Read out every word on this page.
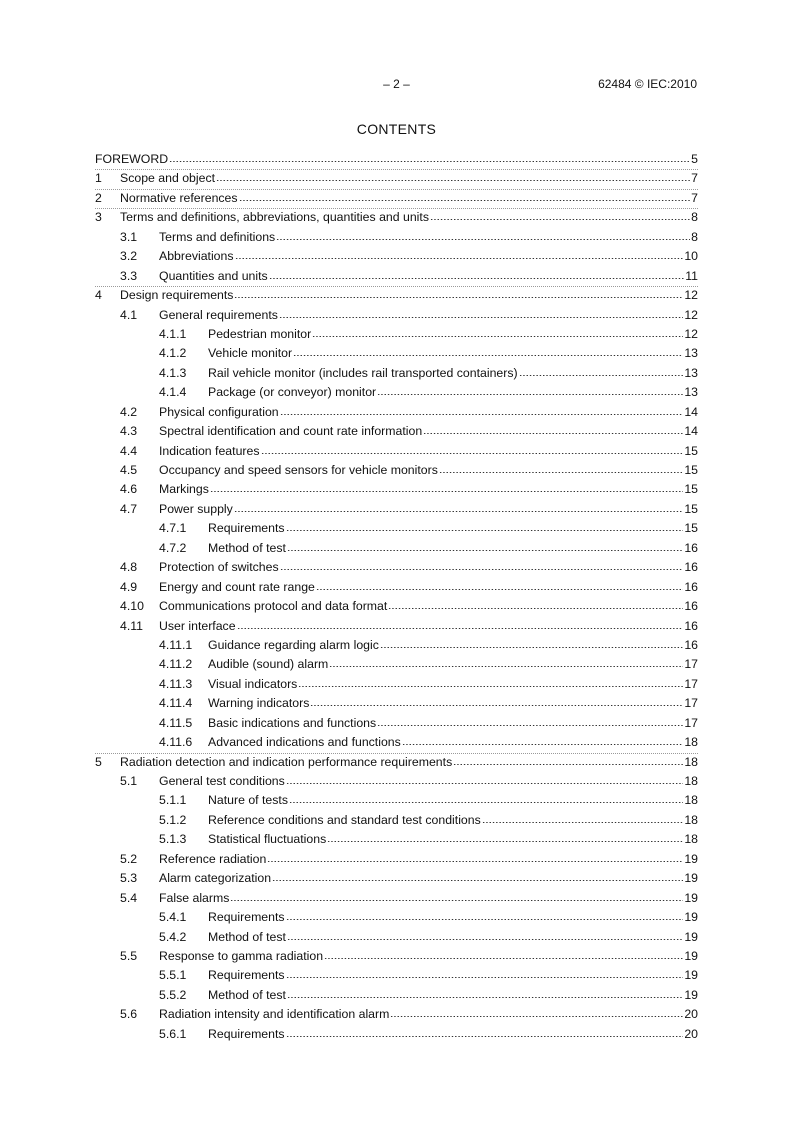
– 2 –	62484 © IEC:2010
CONTENTS
FOREWORD	5
1	Scope and object	7
2	Normative references	7
3	Terms and definitions, abbreviations, quantities and units	8
3.1	Terms and definitions	8
3.2	Abbreviations	10
3.3	Quantities and units	11
4	Design requirements	12
4.1	General requirements	12
4.1.1	Pedestrian monitor	12
4.1.2	Vehicle monitor	13
4.1.3	Rail vehicle monitor (includes rail transported containers)	13
4.1.4	Package (or conveyor) monitor	13
4.2	Physical configuration	14
4.3	Spectral identification and count rate information	14
4.4	Indication features	15
4.5	Occupancy and speed sensors for vehicle monitors	15
4.6	Markings	15
4.7	Power supply	15
4.7.1	Requirements	15
4.7.2	Method of test	16
4.8	Protection of switches	16
4.9	Energy and count rate range	16
4.10	Communications protocol and data format	16
4.11	User interface	16
4.11.1	Guidance regarding alarm logic	16
4.11.2	Audible (sound) alarm	17
4.11.3	Visual indicators	17
4.11.4	Warning indicators	17
4.11.5	Basic indications and functions	17
4.11.6	Advanced indications and functions	18
5	Radiation detection and indication performance requirements	18
5.1	General test conditions	18
5.1.1	Nature of tests	18
5.1.2	Reference conditions and standard test conditions	18
5.1.3	Statistical fluctuations	18
5.2	Reference radiation	19
5.3	Alarm categorization	19
5.4	False alarms	19
5.4.1	Requirements	19
5.4.2	Method of test	19
5.5	Response to gamma radiation	19
5.5.1	Requirements	19
5.5.2	Method of test	19
5.6	Radiation intensity and identification alarm	20
5.6.1	Requirements	20
